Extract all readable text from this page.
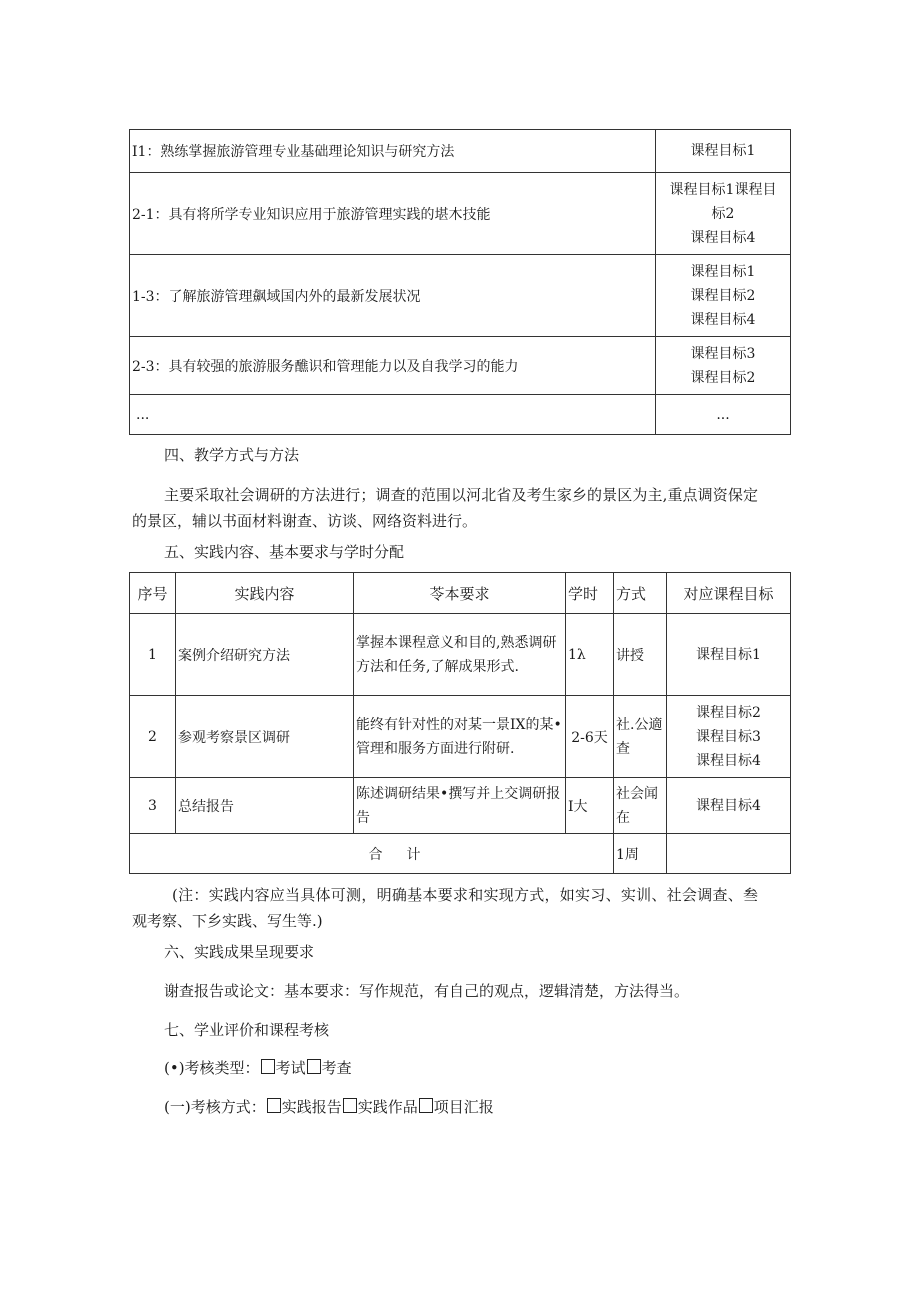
I1：熟练掌握旅游管理专业基础理论知识与研究方法	课程目标1

2-1：具有将所学专业知识应用于旅游管理实践的堪木技能	课程目标1课程目
标2
课程目标4

1-3：了解旅游管理飙域国内外的最新发展状况	课程目标1
课程目标2
课程目标4

2-3：具有较强的旅游服务醮识和管理能力以及自我学习的能力	课程目标3
课程目标2

...	...
四、教学方式与方法
主要采取社会调研的方法进行；调查的范围以河北省及考生家乡的景区为主,重点调资保定的景区，辅以书面材料谢查、访谈、网络资料进行。
五、实践内容、基本要求与学时分配
序号	实践内容	苓本要求	学时	方式	对应课程目标
1	案例介绍研究方法	掌握本课程意义和目的,熟悉调研方法和任务,了解成果形式.	1λ	讲授	课程目标1

2	参观考察景区调研	能终有针对性的对某一景IX的某•管理和服务方面进行附研.	2-6天	社.公適查	课程目标2
课程目标3
课程目标4

3	总结报告	陈述调研结果•撰写并上交调研报告	I大	社会闻在	课程目标4

合计				1周	
(注：实践内容应当具体可测，明确基本要求和实现方式，如实习、实训、社会调查、叁观考察、下乡实践、写生等.)
六、实践成果呈现要求
谢查报告或论文：基本要求：写作规范，有自己的观点，逻辑清楚，方法得当。
七、学业评价和课程考核
(•)考核类型： 考试 考查
(一)考核方式： 实践报告 实践作品 项目汇报
